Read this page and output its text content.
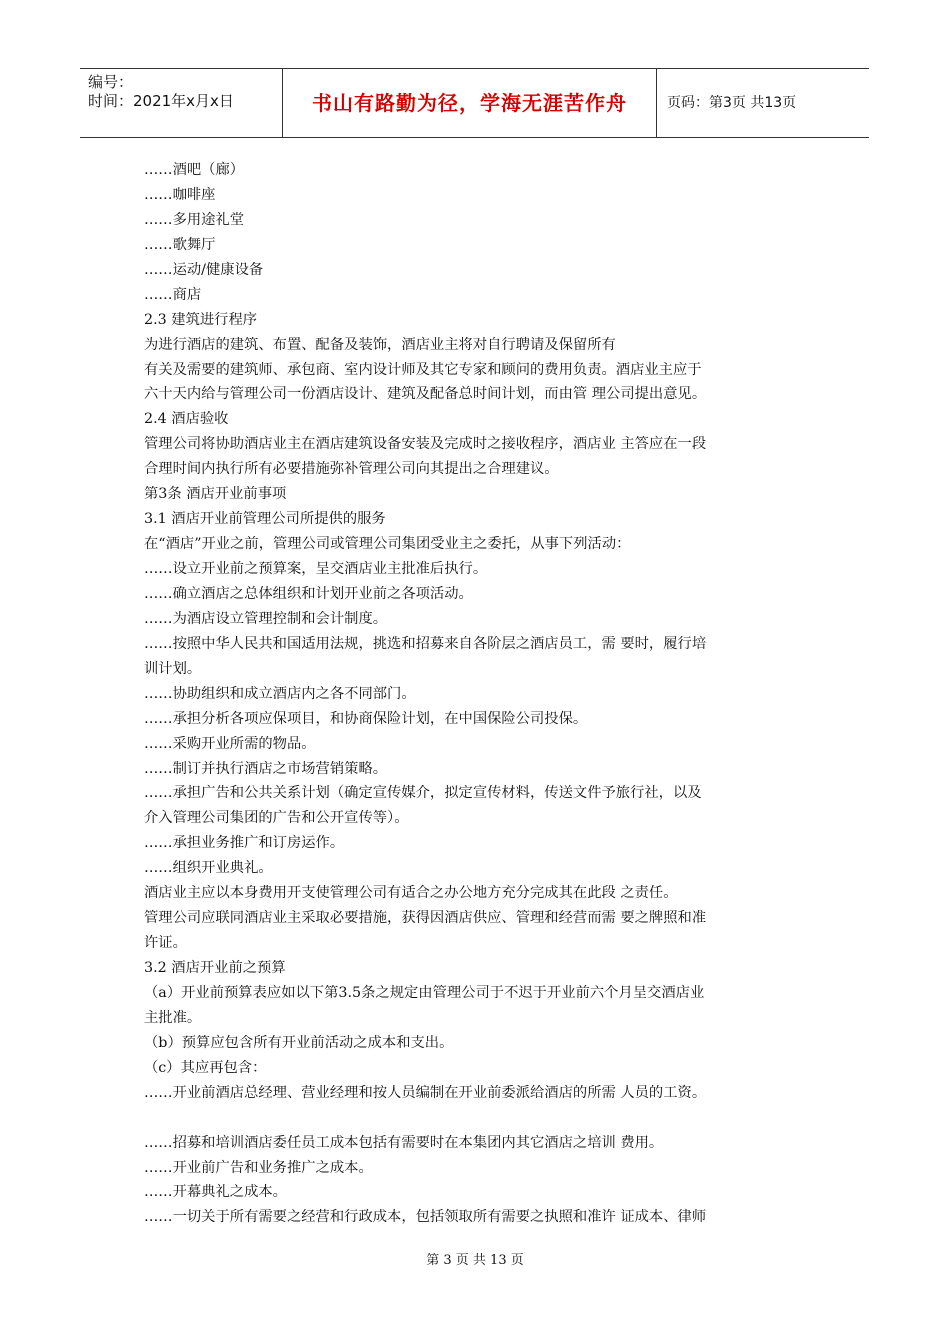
编号：
时间：2021年x月x日	书山有路勤为径，学海无涯苦作舟	页码：第3页 共13页
……酒吧（廊）
……咖啡座
……多用途礼堂
……歌舞厅
……运动/健康设备
……商店
2.3 建筑进行程序
为进行酒店的建筑、布置、配备及装饰，酒店业主将对自行聘请及保留所有
有关及需要的建筑师、承包商、室内设计师及其它专家和顾问的费用负责。酒店业主应于
六十天内给与管理公司一份酒店设计、建筑及配备总时间计划，而由管 理公司提出意见。
2.4 酒店验收
管理公司将协助酒店业主在酒店建筑设备安装及完成时之接收程序，酒店业 主答应在一段
合理时间内执行所有必要措施弥补管理公司向其提出之合理建议。
第3条 酒店开业前事项
3.1 酒店开业前管理公司所提供的服务
在“酒店”开业之前，管理公司或管理公司集团受业主之委托，从事下列活动：
……设立开业前之预算案，呈交酒店业主批准后执行。
……确立酒店之总体组织和计划开业前之各项活动。
……为酒店设立管理控制和会计制度。
……按照中华人民共和国适用法规，挑选和招募来自各阶层之酒店员工，需 要时，履行培
训计划。
……协助组织和成立酒店内之各不同部门。
……承担分析各项应保项目，和协商保险计划，在中国保险公司投保。
……采购开业所需的物品。
……制订并执行酒店之市场营销策略。
……承担广告和公共关系计划（确定宣传媒介，拟定宣传材料，传送文件予旅行社，以及
介入管理公司集团的广告和公开宣传等）。
……承担业务推广和订房运作。
……组织开业典礼。
酒店业主应以本身费用开支使管理公司有适合之办公地方充分完成其在此段 之责任。
管理公司应联同酒店业主采取必要措施，获得因酒店供应、管理和经营而需 要之牌照和准
许证。
3.2 酒店开业前之预算
（a）开业前预算表应如以下第3.5条之规定由管理公司于不迟于开业前六个月呈交酒店业
主批准。
（b）预算应包含所有开业前活动之成本和支出。
（c）其应再包含：
……开业前酒店总经理、营业经理和按人员编制在开业前委派给酒店的所需 人员的工资。
……招募和培训酒店委任员工成本包括有需要时在本集团内其它酒店之培训 费用。
……开业前广告和业务推广之成本。
……开幕典礼之成本。
……一切关于所有需要之经营和行政成本，包括领取所有需要之执照和准许 证成本、律师
第 3 页 共 13 页
